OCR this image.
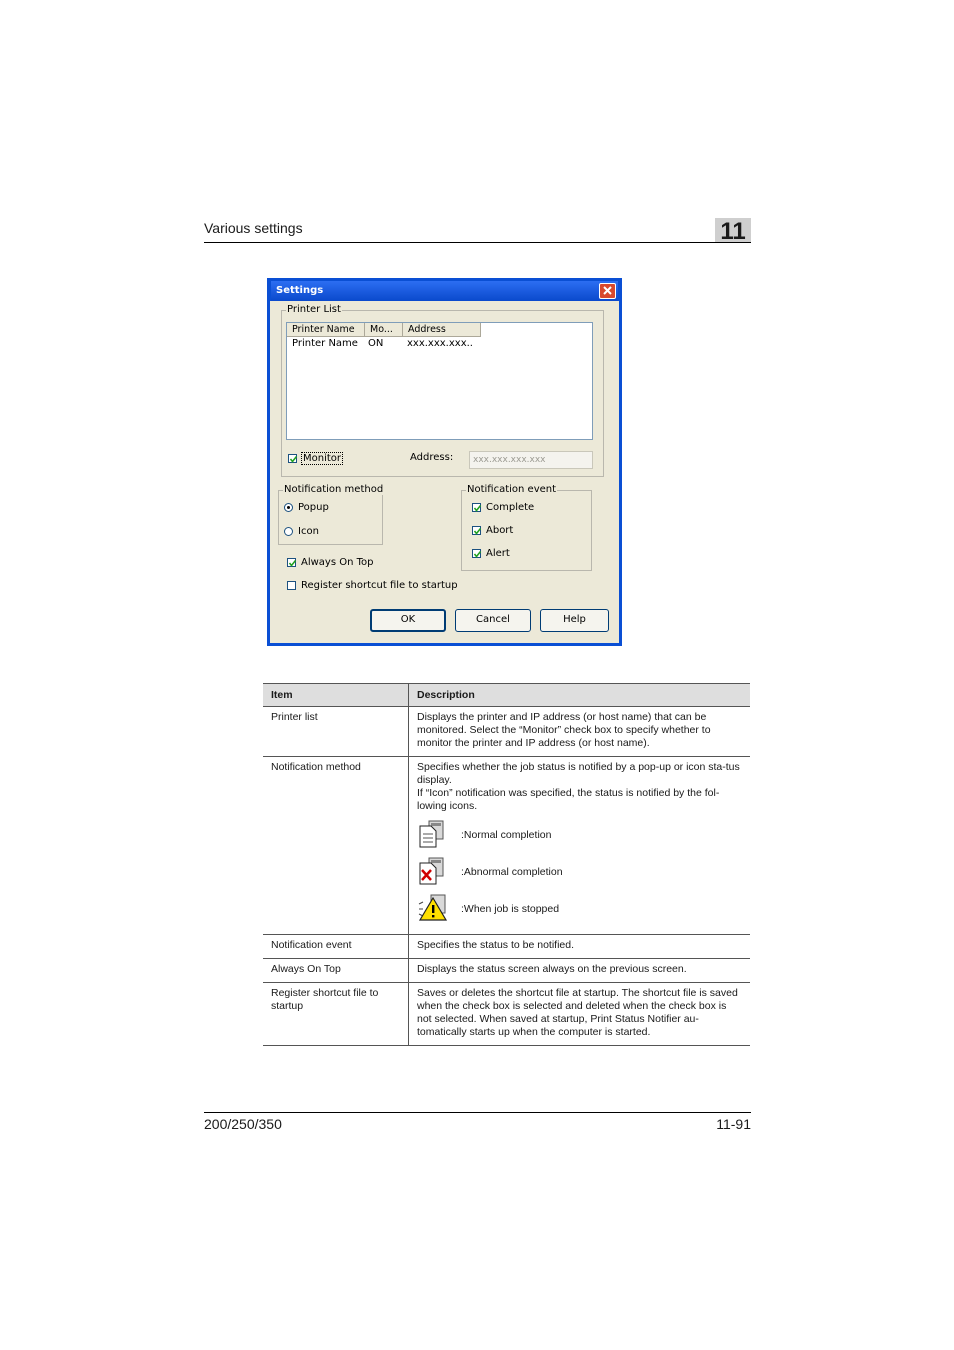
Various settings	11
Settings
Printer List
Printer Name	Mo...	Address
Printer Name ON xxx.xxx.xxx..
Monitor	Address:	xxx.xxx.xxx.xxx
Notification method
Popup
Icon
Notification event
Complete
Abort
Alert
Always On Top
Register shortcut file to startup
OK	Cancel	Help
Item	Description
Printer list	Displays the printer and IP address (or host name) that can be monitored. Select the “Monitor” check box to specify whether to monitor the printer and IP address (or host name).
Notification method	Specifies whether the job status is notified by a pop-up or icon sta-tus display.
If “Icon” notification was specified, the status is notified by the fol-lowing icons.
:Normal completion
:Abnormal completion
:When job is stopped

Notification event	Specifies the status to be notified.
Always On Top	Displays the status screen always on the previous screen.
Register shortcut file to startup	Saves or deletes the shortcut file at startup. The shortcut file is saved when the check box is selected and deleted when the check box is not selected. When saved at startup, Print Status Notifier au-tomatically starts up when the computer is started.
200/250/350	11-91
